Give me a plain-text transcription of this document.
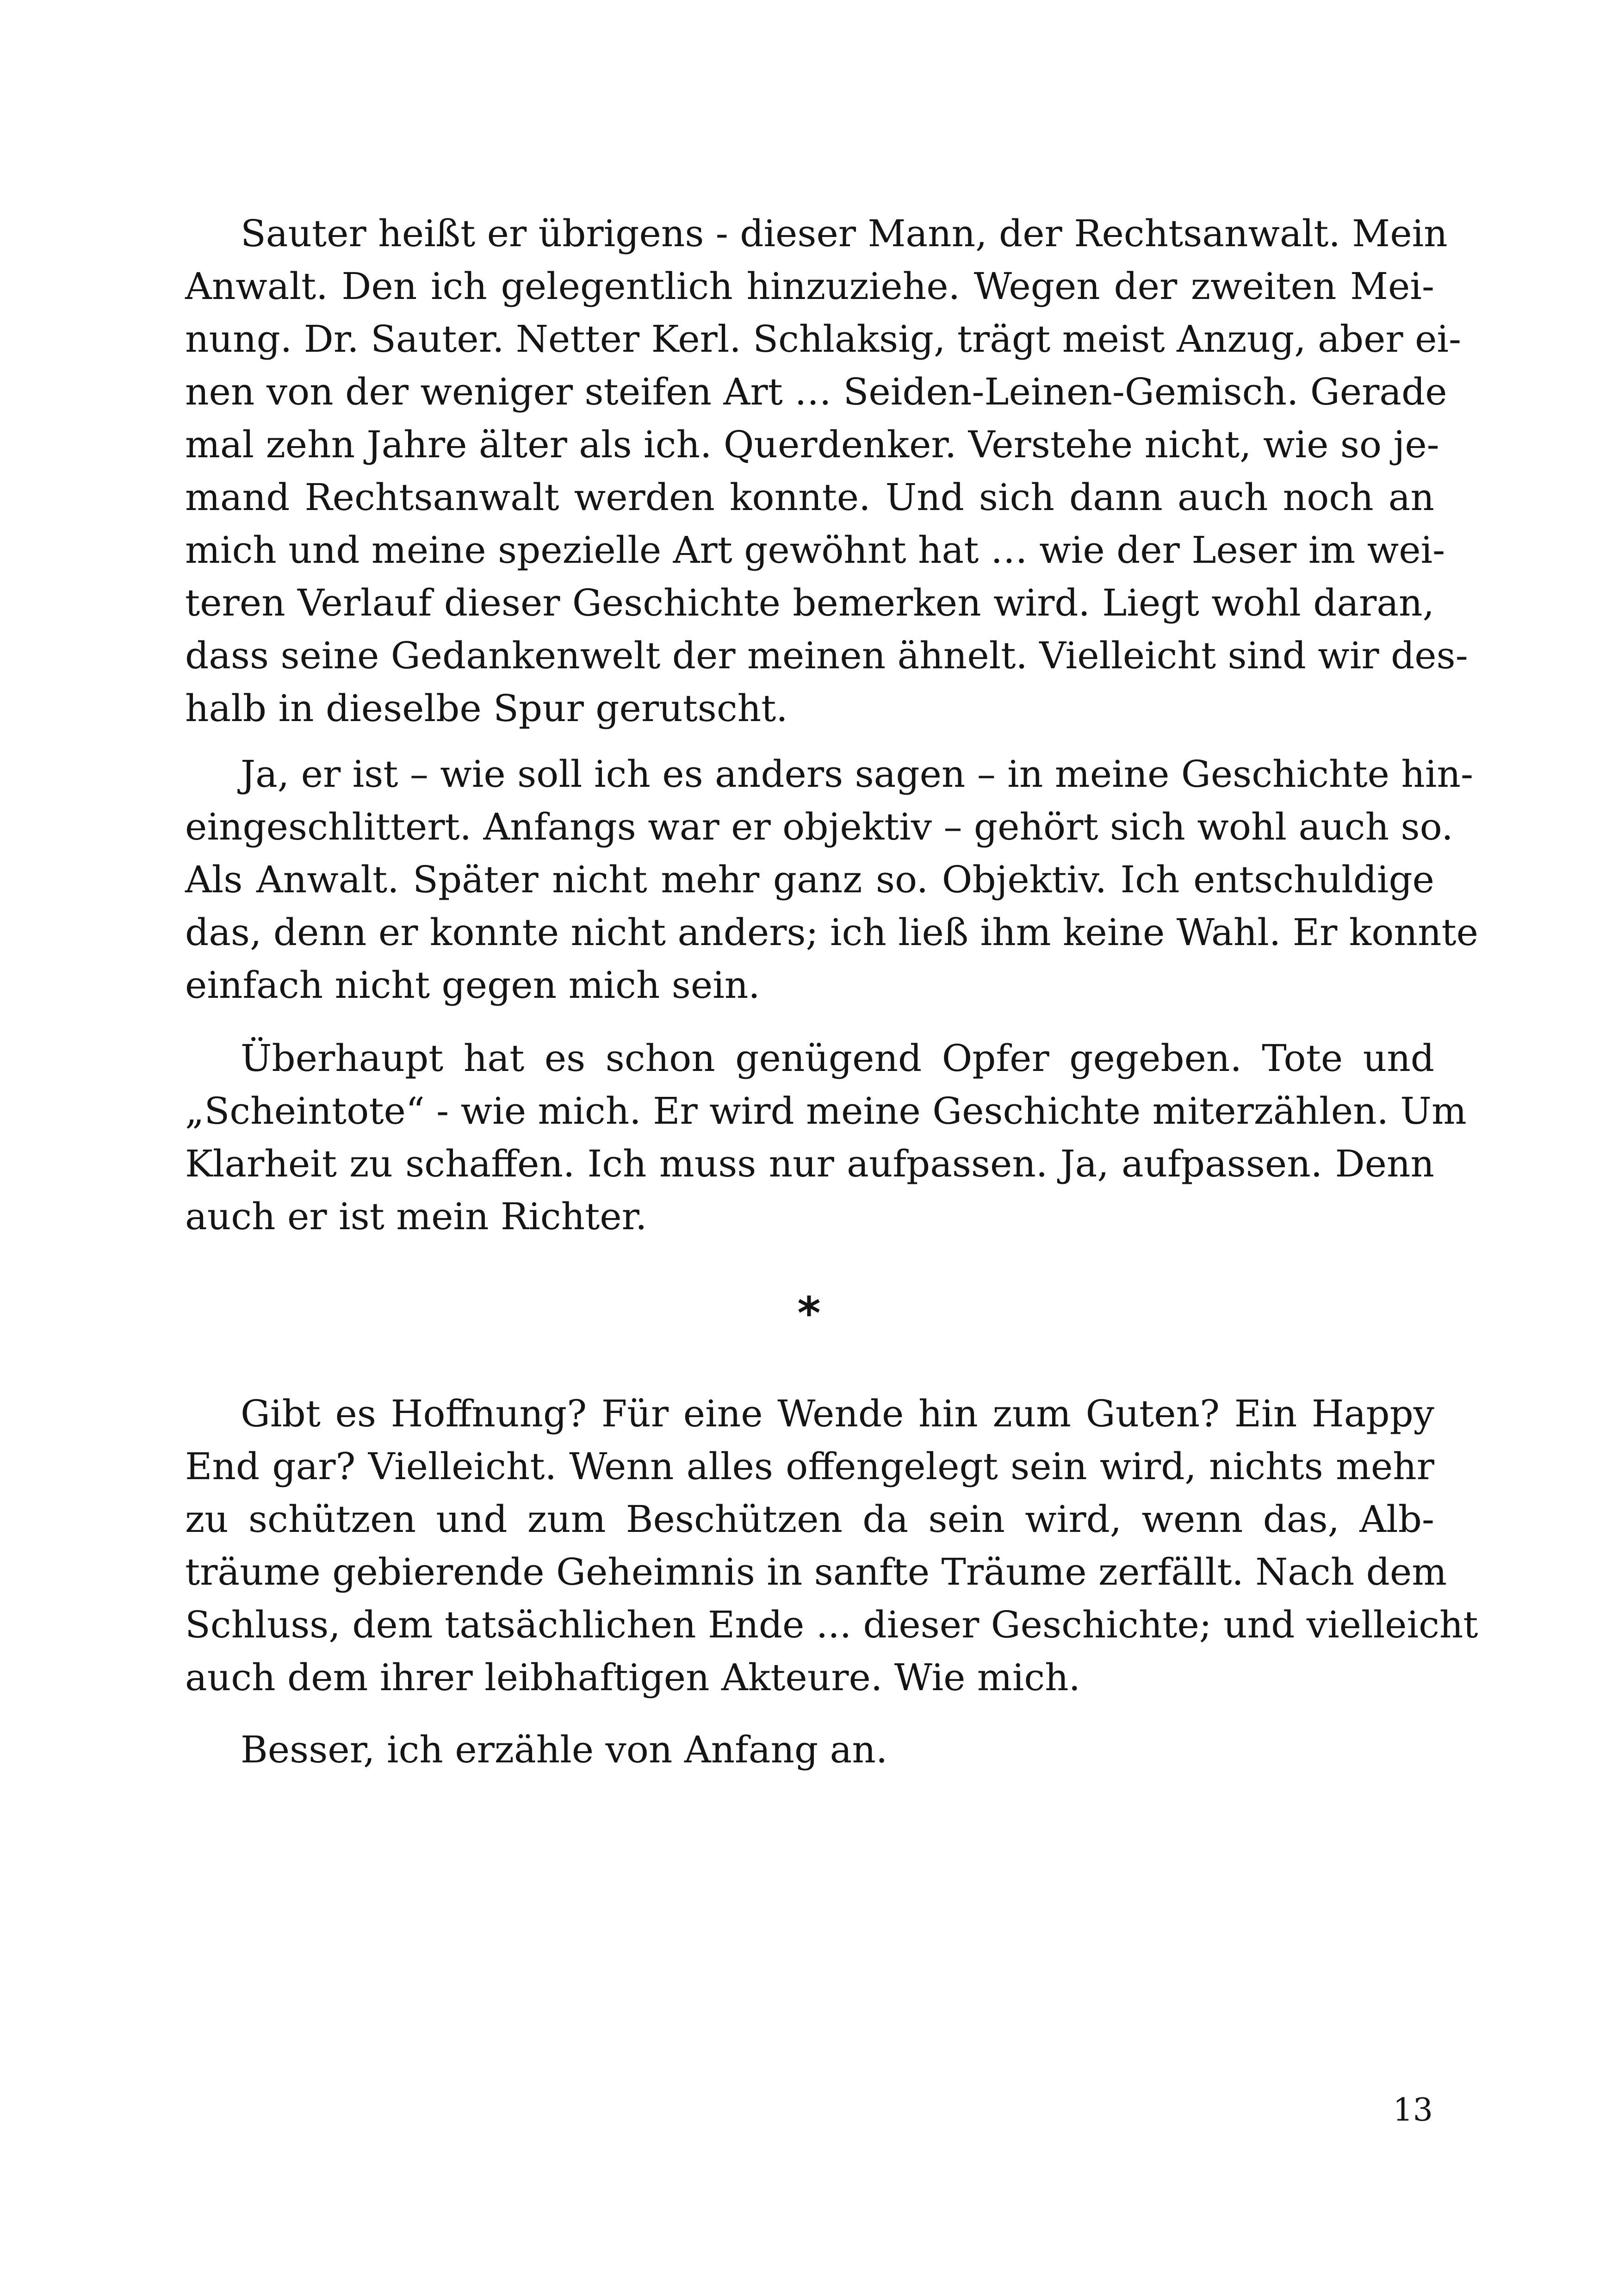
Sauter heißt er übrigens - dieser Mann, der Rechtsanwalt. Mein
Anwalt. Den ich gelegentlich hinzuziehe. Wegen der zweiten Mei-
nung. Dr. Sauter. Netter Kerl. Schlaksig, trägt meist Anzug, aber ei-
nen von der weniger steifen Art … Seiden-Leinen-Gemisch. Gerade
mal zehn Jahre älter als ich. Querdenker. Verstehe nicht, wie so je-
mand Rechtsanwalt werden konnte. Und sich dann auch noch an
mich und meine spezielle Art gewöhnt hat … wie der Leser im wei-
teren Verlauf dieser Geschichte bemerken wird. Liegt wohl daran,
dass seine Gedankenwelt der meinen ähnelt. Vielleicht sind wir des-
halb in dieselbe Spur gerutscht.
Ja, er ist – wie soll ich es anders sagen – in meine Geschichte hin-
eingeschlittert. Anfangs war er objektiv – gehört sich wohl auch so.
Als Anwalt. Später nicht mehr ganz so. Objektiv. Ich entschuldige
das, denn er konnte nicht anders; ich ließ ihm keine Wahl. Er konnte
einfach nicht gegen mich sein.
Überhaupt hat es schon genügend Opfer gegeben. Tote und
„Scheintote“ - wie mich. Er wird meine Geschichte miterzählen. Um
Klarheit zu schaffen. Ich muss nur aufpassen. Ja, aufpassen. Denn
auch er ist mein Richter.
*
Gibt es Hoffnung? Für eine Wende hin zum Guten? Ein Happy
End gar? Vielleicht. Wenn alles offengelegt sein wird, nichts mehr
zu schützen und zum Beschützen da sein wird, wenn das, Alb-
träume gebierende Geheimnis in sanfte Träume zerfällt. Nach dem
Schluss, dem tatsächlichen Ende ... dieser Geschichte; und vielleicht
auch dem ihrer leibhaftigen Akteure. Wie mich.
Besser, ich erzähle von Anfang an.
13
